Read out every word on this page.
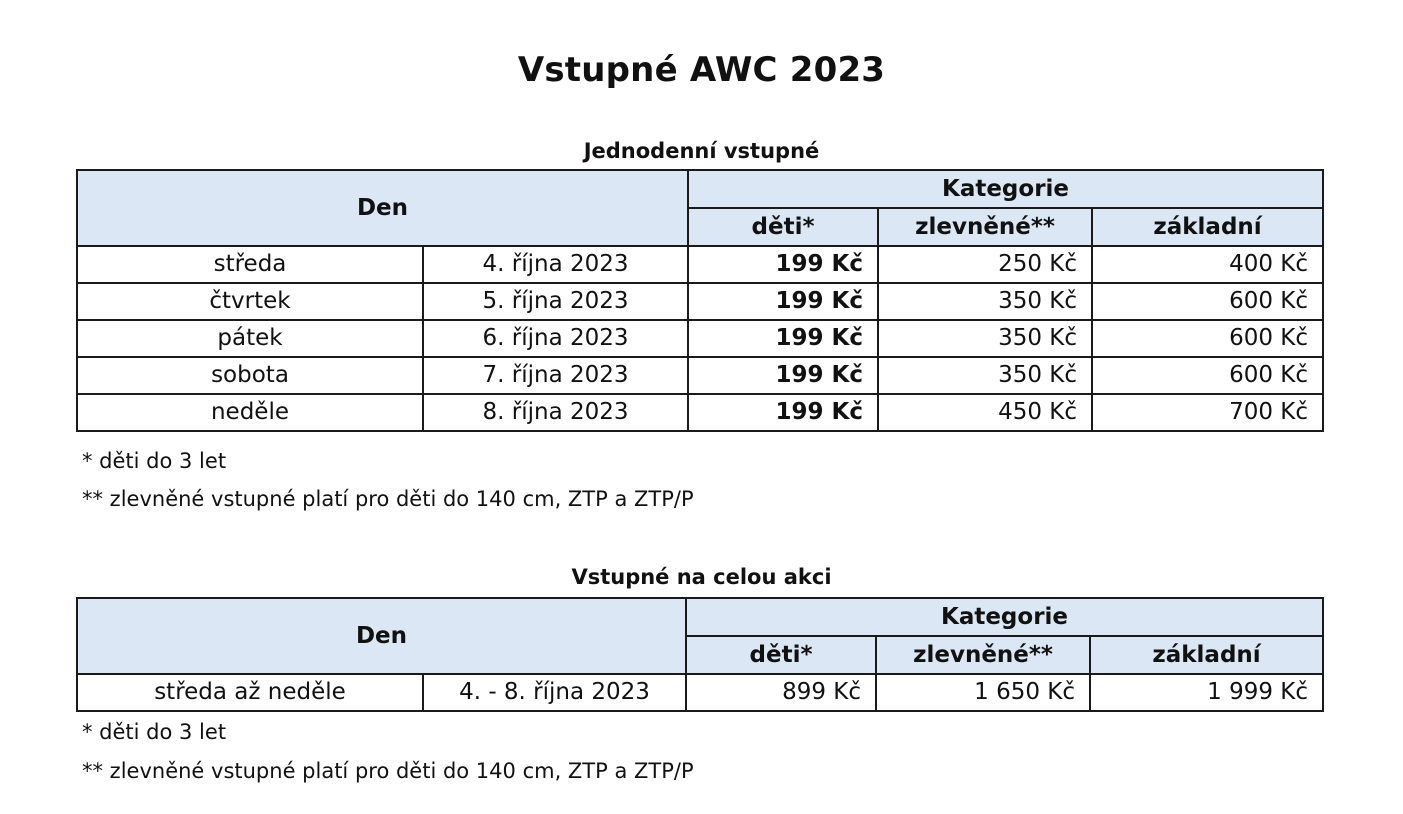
Vstupné AWC 2023
Jednodenní vstupné
Den		Kategorie		
		děti*	zlevněné**	základní
středa	4. října 2023	199 Kč	250 Kč	400 Kč
čtvrtek	5. října 2023	199 Kč	350 Kč	600 Kč
pátek	6. října 2023	199 Kč	350 Kč	600 Kč
sobota	7. října 2023	199 Kč	350 Kč	600 Kč
neděle	8. října 2023	199 Kč	450 Kč	700 Kč
* děti do 3 let
** zlevněné vstupné platí pro děti do 140 cm, ZTP a ZTP/P
Vstupné na celou akci
Den		Kategorie		
		děti*	zlevněné**	základní
středa až neděle	4. - 8. října 2023	899 Kč	1 650 Kč	1 999 Kč
* děti do 3 let
** zlevněné vstupné platí pro děti do 140 cm, ZTP a ZTP/P
